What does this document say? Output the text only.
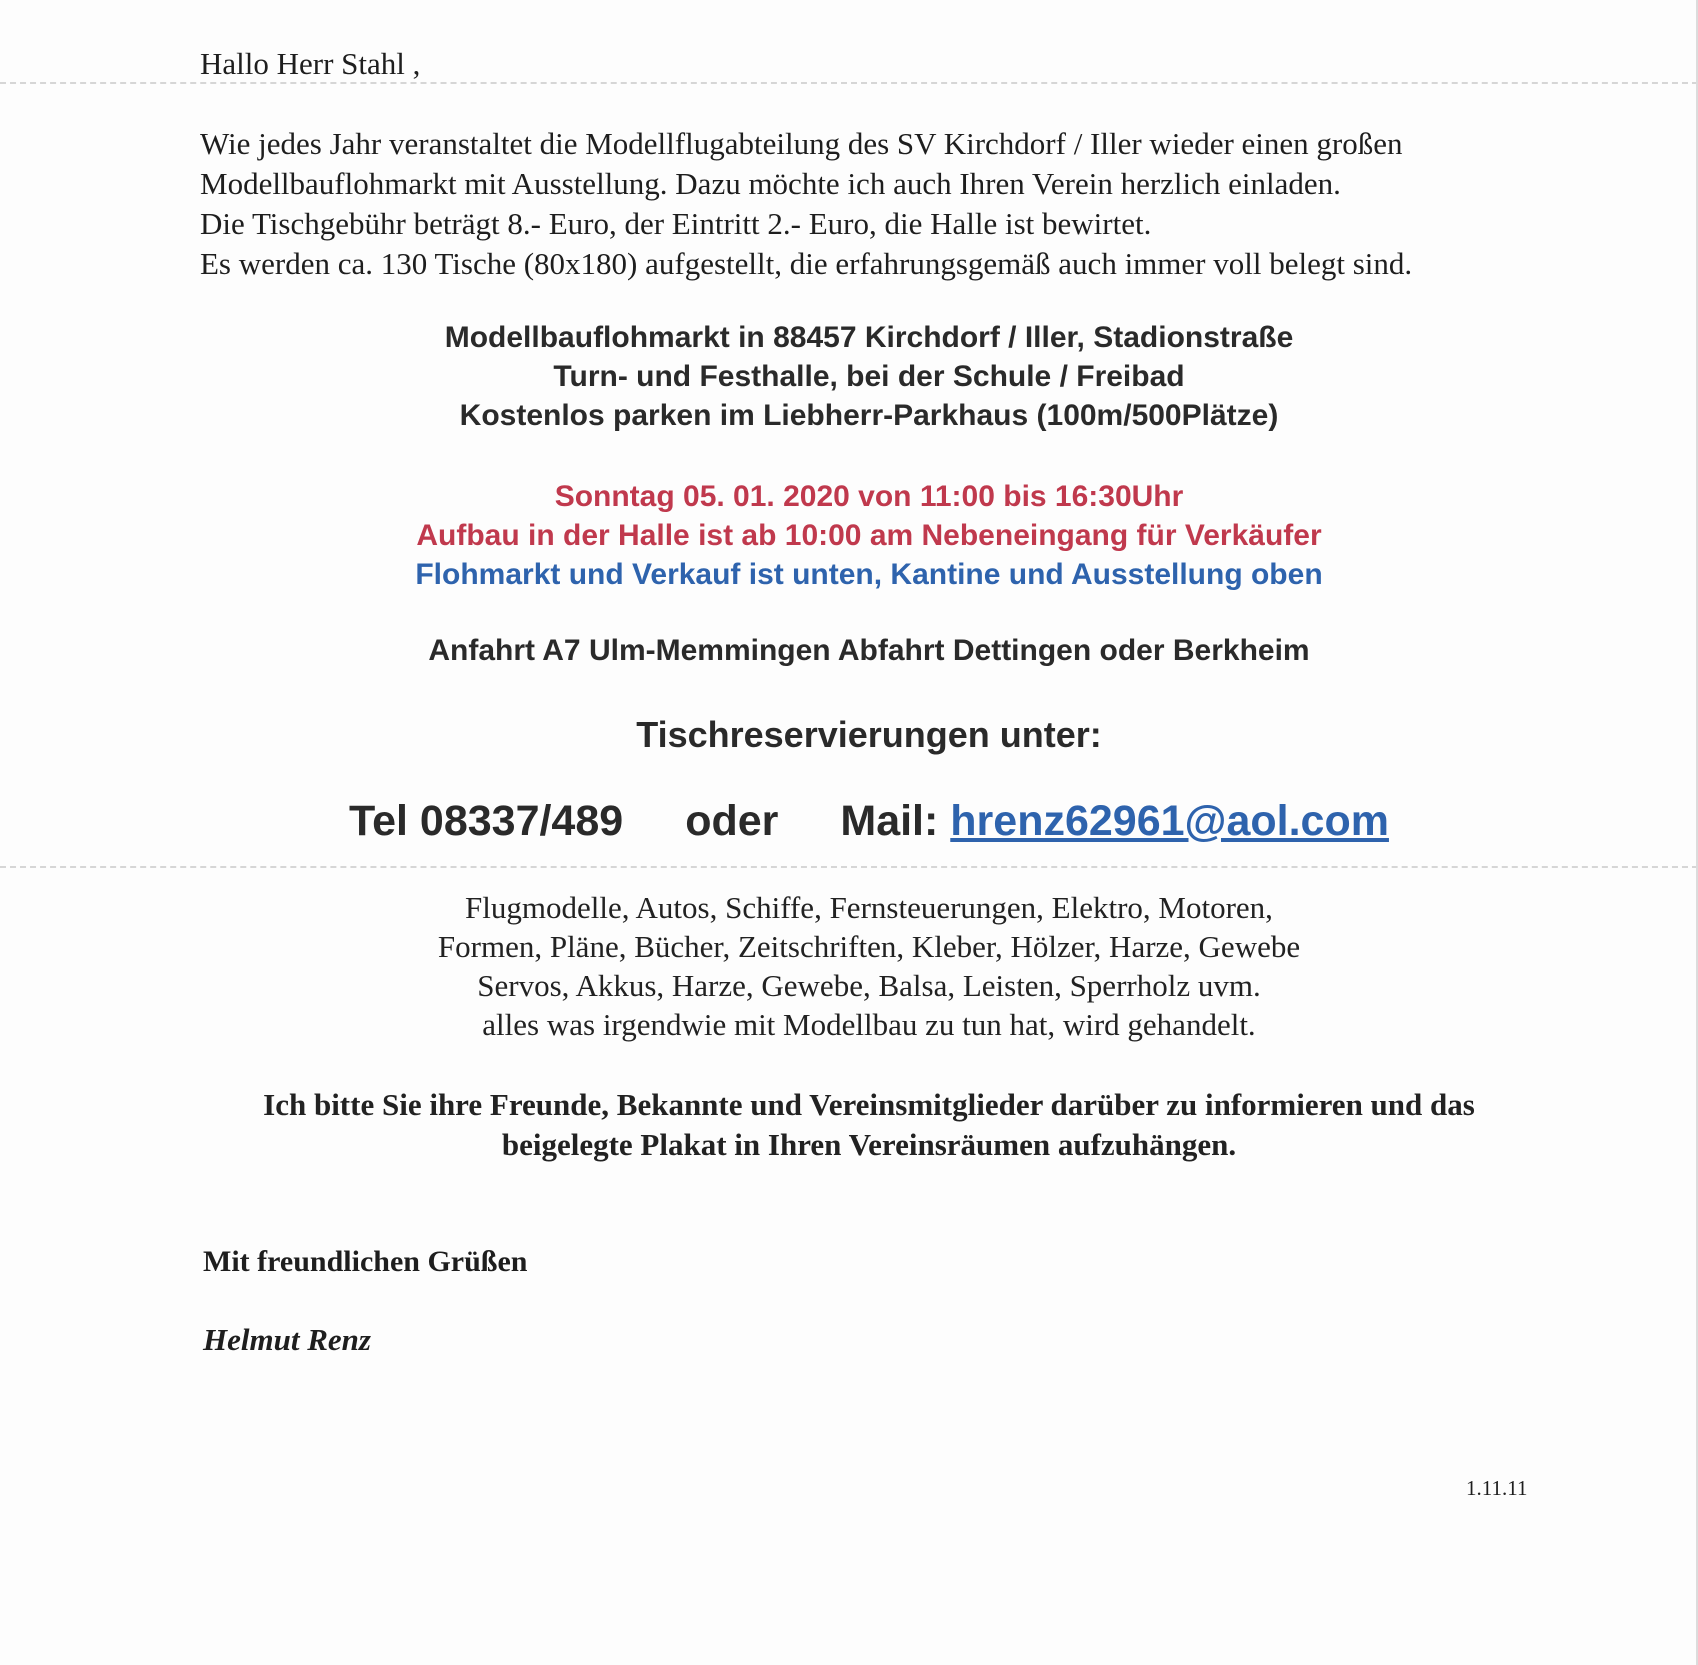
Hallo Herr Stahl ,
Wie jedes Jahr veranstaltet die Modellflugabteilung des SV Kirchdorf / Iller wieder einen großen
Modellbauflohmarkt mit Ausstellung. Dazu möchte ich auch Ihren Verein herzlich einladen.
Die Tischgebühr beträgt 8.- Euro, der Eintritt 2.- Euro, die Halle ist bewirtet.
Es werden ca. 130 Tische (80x180) aufgestellt, die erfahrungsgemäß auch immer voll belegt sind.
Modellbauflohmarkt in 88457 Kirchdorf / Iller, Stadionstraße
Turn- und Festhalle, bei der Schule / Freibad
Kostenlos parken im Liebherr-Parkhaus (100m/500Plätze)
Sonntag 05. 01. 2020 von 11:00 bis 16:30Uhr
Aufbau in der Halle ist ab 10:00 am Nebeneingang für Verkäufer
Flohmarkt und Verkauf ist unten, Kantine und Ausstellung oben
Anfahrt A7 Ulm-Memmingen Abfahrt Dettingen oder Berkheim
Tischreservierungen unter:
Tel 08337/489 oder Mail: hrenz62961@aol.com
Flugmodelle, Autos, Schiffe, Fernsteuerungen, Elektro, Motoren,
Formen, Pläne, Bücher, Zeitschriften, Kleber, Hölzer, Harze, Gewebe
Servos, Akkus, Harze, Gewebe, Balsa, Leisten, Sperrholz uvm.
alles was irgendwie mit Modellbau zu tun hat, wird gehandelt.
Ich bitte Sie ihre Freunde, Bekannte und Vereinsmitglieder darüber zu informieren und das
beigelegte Plakat in Ihren Vereinsräumen aufzuhängen.
Mit freundlichen Grüßen
Helmut Renz
1.11.11
